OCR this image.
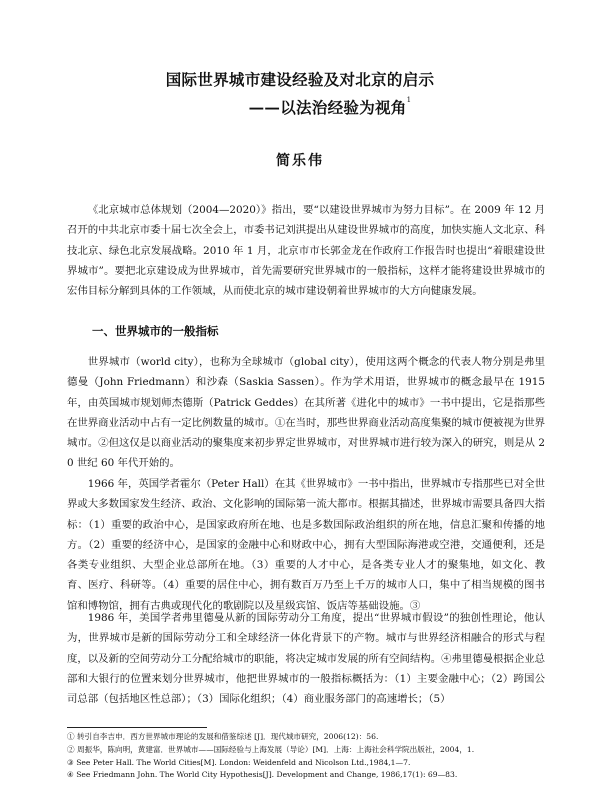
国际世界城市建设经验及对北京的启示
——以法治经验为视角$^1$
简乐伟
《北京城市总体规划（2004—2020）》指出，要“以建设世界城市为努力目标”。在 2009 年 12 月召开的中共北京市委十届七次全会上，市委书记刘淇提出从建设世界城市的高度，加快实施人文北京、科技北京、绿色北京发展战略。2010 年 1 月，北京市市长郭金龙在作政府工作报告时也提出“着眼建设世界城市”。要把北京建设成为世界城市，首先需要研究世界城市的一般指标，这样才能将建设世界城市的宏伟目标分解到具体的工作领域，从而使北京的城市建设朝着世界城市的大方向健康发展。
一、世界城市的一般指标
世界城市（world city），也称为全球城市（global city），使用这两个概念的代表人物分别是弗里德曼（John Friedmann）和沙森（Saskia Sassen）。作为学术用语，世界城市的概念最早在 1915 年，由英国城市规划师杰德斯（Patrick Geddes）在其所著《进化中的城市》一书中提出，它是指那些在世界商业活动中占有一定比例数量的城市。①在当时，那些世界商业活动高度集聚的城市便被视为世界城市。②但这仅是以商业活动的聚集度来初步界定世界城市，对世界城市进行较为深入的研究，则是从 20 世纪 60 年代开始的。
1966 年，英国学者霍尔（Peter Hall）在其《世界城市》一书中指出，世界城市专指那些已对全世界或大多数国家发生经济、政治、文化影响的国际第一流大都市。根据其描述，世界城市需要具备四大指标：（1）重要的政治中心，是国家政府所在地、也是多数国际政治组织的所在地，信息汇聚和传播的地方。（2）重要的经济中心，是国家的金融中心和财政中心，拥有大型国际海港或空港，交通便利，还是各类专业组织、大型企业总部所在地。（3）重要的人才中心，是各类专业人才的聚集地，如文化、教育、医疗、科研等。（4）重要的居住中心，拥有数百万乃至上千万的城市人口，集中了相当规模的图书馆和博物馆，拥有古典或现代化的歌剧院以及星级宾馆、饭店等基础设施。③
1986 年，美国学者弗里德曼从新的国际劳动分工角度，提出“世界城市假设”的独创性理论，他认为，世界城市是新的国际劳动分工和全球经济一体化背景下的产物。城市与世界经济相融合的形式与程度，以及新的空间劳动分工分配给城市的职能，将决定城市发展的所有空间结构。④弗里德曼根据企业总部和大银行的位置来划分世界城市，他把世界城市的一般指标概括为：（1）主要金融中心；（2）跨国公司总部（包括地区性总部）；（3）国际化组织；（4）商业服务部门的高速增长；（5）

① 转引自李吉申．西方世界城市理论的发展和借鉴综述 [J]．现代城市研究，2006(12)：56.

② 周振华，陈向明，黄建富．世界城市——国际经验与上海发展（导论）[M]．上海：上海社会科学院出版社，2004，1.

③ See Peter Hall. The World Cities[M]. London: Weidenfeld and Nicolson Ltd.,1984,1—7.

④ See Friedmann John. The World City Hypothesis[J]. Development and Change, 1986,17(1): 69—83.
